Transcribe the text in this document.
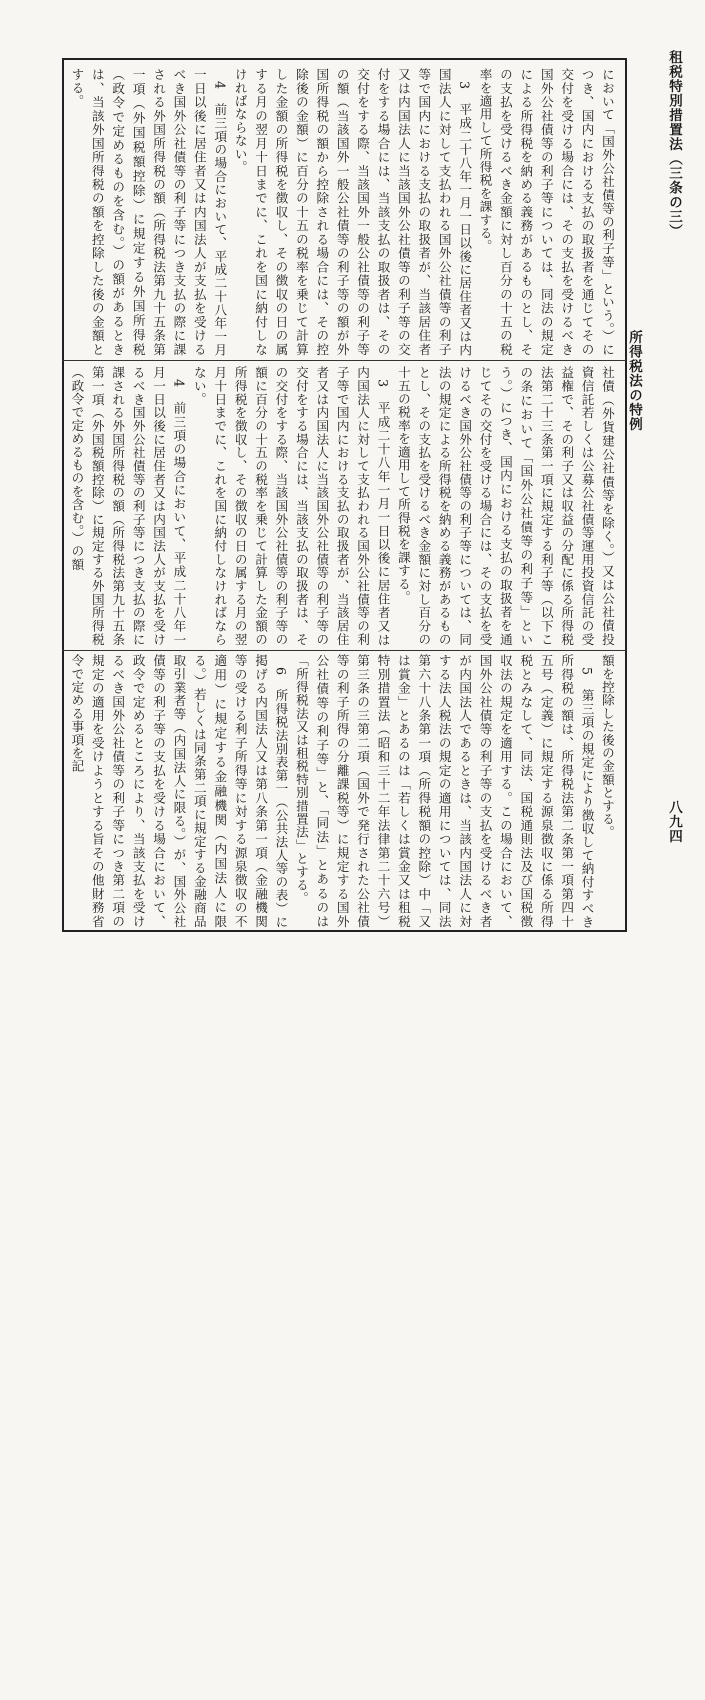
租税特別措置法（三条の三）
所得税法の特例
八九四

　において「国外公社債等の利子等」という。）につき、国内における支払の取扱者を通じてその交付を受ける場合には、その支払を受けるべき国外公社債等の利子等については、同法の規定による所得税を納める義務があるものとし、その支払を受けるべき金額に対し百分の十五の税率を適用して所得税を課する。

3　平成二十八年一月一日以後に居住者又は内国法人に対して支払われる国外公社債等の利子等で国内における支払の取扱者が、当該居住者又は内国法人に当該国外公社債等の利子等の交付をする場合には、当該支払の取扱者は、その交付をする際、当該国外一般公社債等の利子等の額（当該国外一般公社債等の利子等の額が外国所得税の額から控除される場合には、その控除後の金額）に百分の十五の税率を乗じて計算した金額の所得税を徴収し、その徴収の日の属する月の翌月十日までに、これを国に納付しなければならない。

4　前三項の場合において、平成二十八年一月一日以後に居住者又は内国法人が支払を受けるべき国外公社債等の利子等につき支払の際に課される外国所得税の額（所得税法第九十五条第一項（外国税額控除）に規定する外国所得税（政令で定めるものを含む。）の額があるときは、当該外国所得税の額を控除した後の金額とする。

　社債（外貨建公社債等を除く。）又は公社債投資信託若しくは公募公社債等運用投資信託の受益権で、その利子又は収益の分配に係る所得税法第二十三条第一項に規定する利子等（以下この条において「国外公社債等の利子等」という。）につき、国内における支払の取扱者を通じてその交付を受ける場合には、その支払を受けるべき国外公社債等の利子等については、同法の規定による所得税を納める義務があるものとし、その支払を受けるべき金額に対し百分の十五の税率を適用して所得税を課する。

3　平成二十八年一月一日以後に居住者又は内国法人に対して支払われる国外公社債等の利子等で国内における支払の取扱者が、当該居住者又は内国法人に当該国外公社債等の利子等の交付をする場合には、当該支払の取扱者は、その交付をする際、当該国外公社債等の利子等の額に百分の十五の税率を乗じて計算した金額の所得税を徴収し、その徴収の日の属する月の翌月十日までに、これを国に納付しなければならない。

4　前三項の場合において、平成二十八年一月一日以後に居住者又は内国法人が支払を受けるべき国外公社債等の利子等につき支払の際に課される外国所得税の額（所得税法第九十五条第一項（外国税額控除）に規定する外国所得税（政令で定めるものを含む。）の額

　額を控除した後の金額とする。

5　第三項の規定により徴収して納付すべき所得税の額は、所得税法第二条第一項第四十五号（定義）に規定する源泉徴収に係る所得税とみなして、同法、国税通則法及び国税徴収法の規定を適用する。この場合において、国外公社債等の利子等の支払を受けるべき者が内国法人であるときは、当該内国法人に対する法人税法の規定の適用については、同法第六十八条第一項（所得税額の控除）中「又は賞金」とあるのは「若しくは賞金又は租税特別措置法（昭和三十二年法律第二十六号）第三条の三第二項（国外で発行された公社債等の利子所得の分離課税等）に規定する国外公社債等の利子等」と、「同法」とあるのは「所得税法又は租税特別措置法」とする。

6　所得税法別表第一（公共法人等の表）に掲げる内国法人又は第八条第一項（金融機関等の受ける利子所得等に対する源泉徴収の不適用）に規定する金融機関（内国法人に限る。）若しくは同条第二項に規定する金融商品取引業者等（内国法人に限る。）が、国外公社債等の利子等の支払を受ける場合において、政令で定めるところにより、当該支払を受けるべき国外公社債等の利子等につき第二項の規定の適用を受けようとする旨その他財務省令で定める事項を記
